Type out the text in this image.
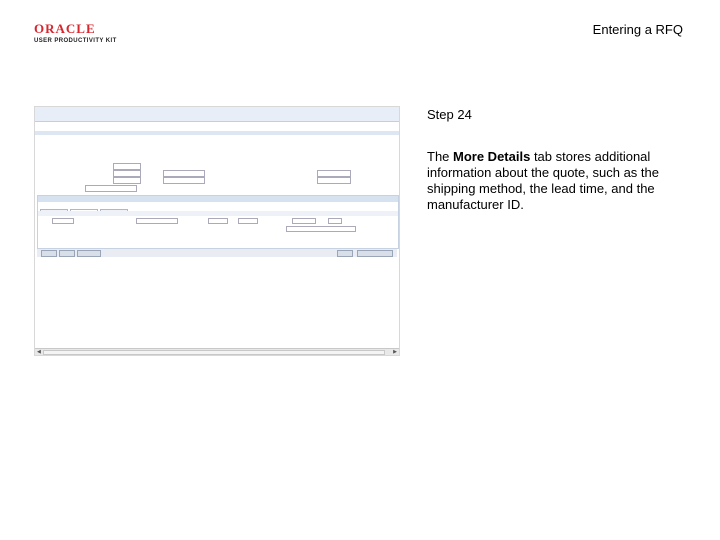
ORACLE
USER PRODUCTIVITY KIT
Entering a RFQ
◀	▶
Step 24
The More Details tab stores additional information about the quote, such as the shipping method, the lead time, and the manufacturer ID.
